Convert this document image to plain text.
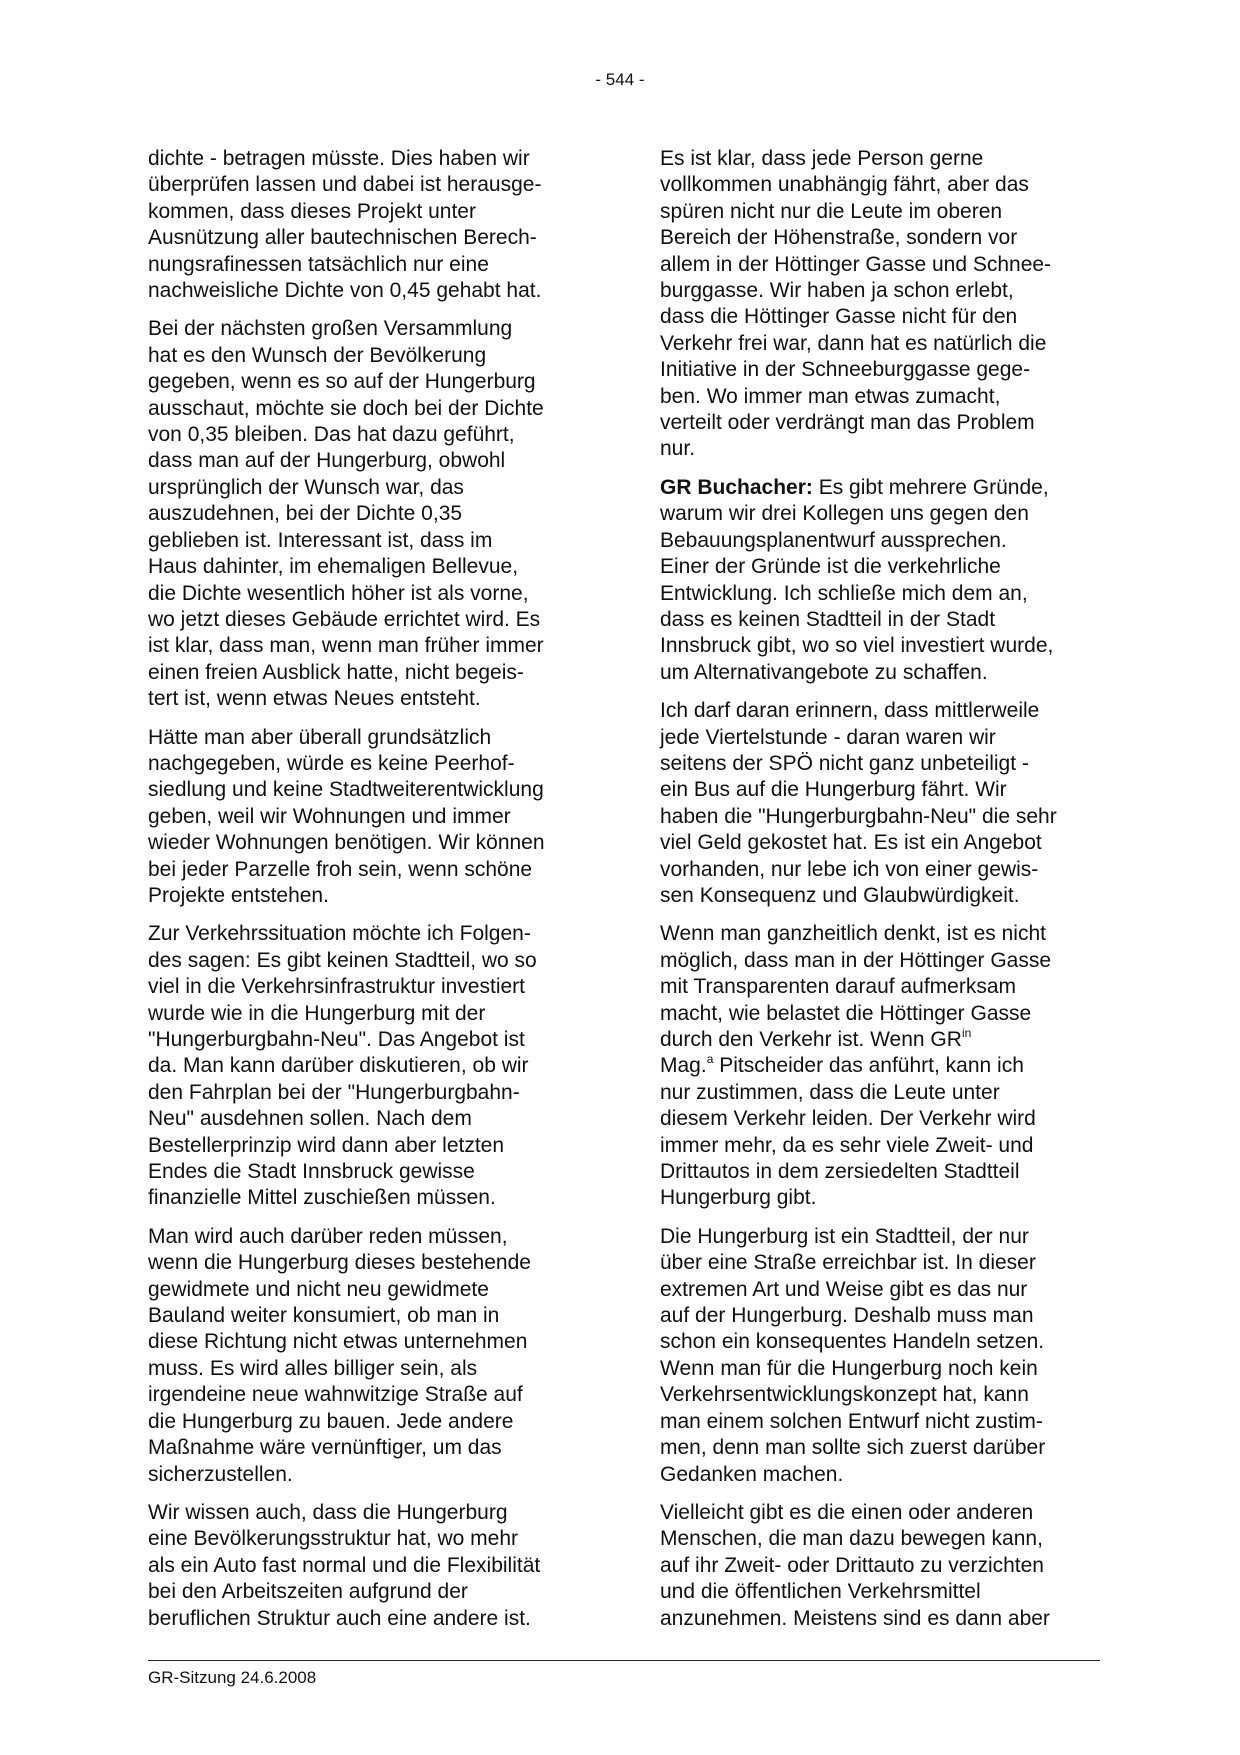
- 544 -

dichte - betragen müsste. Dies haben wir
überprüfen lassen und dabei ist herausge-
kommen, dass dieses Projekt unter
Ausnützung aller bautechnischen Berech-
nungsrafinessen tatsächlich nur eine
nachweisliche Dichte von 0,45 gehabt hat.

Bei der nächsten großen Versammlung
hat es den Wunsch der Bevölkerung
gegeben, wenn es so auf der Hungerburg
ausschaut, möchte sie doch bei der Dichte
von 0,35 bleiben. Das hat dazu geführt,
dass man auf der Hungerburg, obwohl
ursprünglich der Wunsch war, das
auszudehnen, bei der Dichte 0,35
geblieben ist. Interessant ist, dass im
Haus dahinter, im ehemaligen Bellevue,
die Dichte wesentlich höher ist als vorne,
wo jetzt dieses Gebäude errichtet wird. Es
ist klar, dass man, wenn man früher immer
einen freien Ausblick hatte, nicht begeis-
tert ist, wenn etwas Neues entsteht.

Hätte man aber überall grundsätzlich
nachgegeben, würde es keine Peerhof-
siedlung und keine Stadtweiterentwicklung
geben, weil wir Wohnungen und immer
wieder Wohnungen benötigen. Wir können
bei jeder Parzelle froh sein, wenn schöne
Projekte entstehen.

Zur Verkehrssituation möchte ich Folgen-
des sagen: Es gibt keinen Stadtteil, wo so
viel in die Verkehrsinfrastruktur investiert
wurde wie in die Hungerburg mit der
"Hungerburgbahn-Neu". Das Angebot ist
da. Man kann darüber diskutieren, ob wir
den Fahrplan bei der "Hungerburgbahn-
Neu" ausdehnen sollen. Nach dem
Bestellerprinzip wird dann aber letzten
Endes die Stadt Innsbruck gewisse
finanzielle Mittel zuschießen müssen.

Man wird auch darüber reden müssen,
wenn die Hungerburg dieses bestehende
gewidmete und nicht neu gewidmete
Bauland weiter konsumiert, ob man in
diese Richtung nicht etwas unternehmen
muss. Es wird alles billiger sein, als
irgendeine neue wahnwitzige Straße auf
die Hungerburg zu bauen. Jede andere
Maßnahme wäre vernünftiger, um das
sicherzustellen.

Wir wissen auch, dass die Hungerburg
eine Bevölkerungsstruktur hat, wo mehr
als ein Auto fast normal und die Flexibilität
bei den Arbeitszeiten aufgrund der
beruflichen Struktur auch eine andere ist.

Es ist klar, dass jede Person gerne
vollkommen unabhängig fährt, aber das
spüren nicht nur die Leute im oberen
Bereich der Höhenstraße, sondern vor
allem in der Höttinger Gasse und Schnee-
burggasse. Wir haben ja schon erlebt,
dass die Höttinger Gasse nicht für den
Verkehr frei war, dann hat es natürlich die
Initiative in der Schneeburggasse gege-
ben. Wo immer man etwas zumacht,
verteilt oder verdrängt man das Problem
nur.

GR Buchacher: Es gibt mehrere Gründe,
warum wir drei Kollegen uns gegen den
Bebauungsplanentwurf aussprechen.
Einer der Gründe ist die verkehrliche
Entwicklung. Ich schließe mich dem an,
dass es keinen Stadtteil in der Stadt
Innsbruck gibt, wo so viel investiert wurde,
um Alternativangebote zu schaffen.

Ich darf daran erinnern, dass mittlerweile
jede Viertelstunde - daran waren wir
seitens der SPÖ nicht ganz unbeteiligt -
ein Bus auf die Hungerburg fährt. Wir
haben die "Hungerburgbahn-Neu" die sehr
viel Geld gekostet hat. Es ist ein Angebot
vorhanden, nur lebe ich von einer gewis-
sen Konsequenz und Glaubwürdigkeit.

Wenn man ganzheitlich denkt, ist es nicht
möglich, dass man in der Höttinger Gasse
mit Transparenten darauf aufmerksam
macht, wie belastet die Höttinger Gasse
durch den Verkehr ist. Wenn $GR^{in}$
Mag.$^a$ Pitscheider das anführt, kann ich
nur zustimmen, dass die Leute unter
diesem Verkehr leiden. Der Verkehr wird
immer mehr, da es sehr viele Zweit- und
Drittautos in dem zersiedelten Stadtteil
Hungerburg gibt.

Die Hungerburg ist ein Stadtteil, der nur
über eine Straße erreichbar ist. In dieser
extremen Art und Weise gibt es das nur
auf der Hungerburg. Deshalb muss man
schon ein konsequentes Handeln setzen.
Wenn man für die Hungerburg noch kein
Verkehrsentwicklungskonzept hat, kann
man einem solchen Entwurf nicht zustim-
men, denn man sollte sich zuerst darüber
Gedanken machen.

Vielleicht gibt es die einen oder anderen
Menschen, die man dazu bewegen kann,
auf ihr Zweit- oder Drittauto zu verzichten
und die öffentlichen Verkehrsmittel
anzunehmen. Meistens sind es dann aber

GR-Sitzung 24.6.2008
